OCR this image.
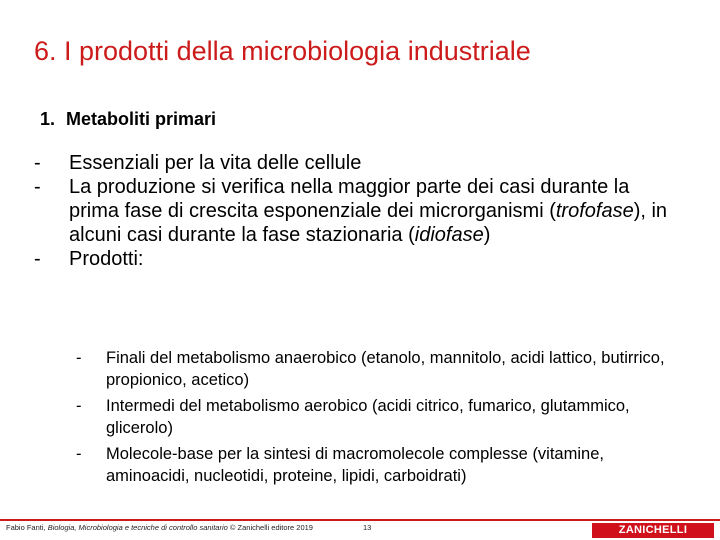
6. I prodotti della microbiologia industriale
1. Metaboliti primari
- Essenziali per la vita delle cellule
- La produzione si verifica nella maggior parte dei casi durante la prima fase di crescita esponenziale dei microrganismi (trofofase), in alcuni casi durante la fase stazionaria (idiofase)
- Prodotti:
- Finali del metabolismo anaerobico (etanolo, mannitolo, acidi lattico, butirrico, propionico, acetico)
- Intermedi del metabolismo aerobico (acidi citrico, fumarico, glutammico, glicerolo)
- Molecole-base per la sintesi di macromolecole complesse (vitamine, aminoacidi, nucleotidi, proteine, lipidi, carboidrati)
Fabio Fanti, Biologia, Microbiologia e tecniche di controllo sanitario © Zanichelli editore 2019	13	ZANICHELLI
